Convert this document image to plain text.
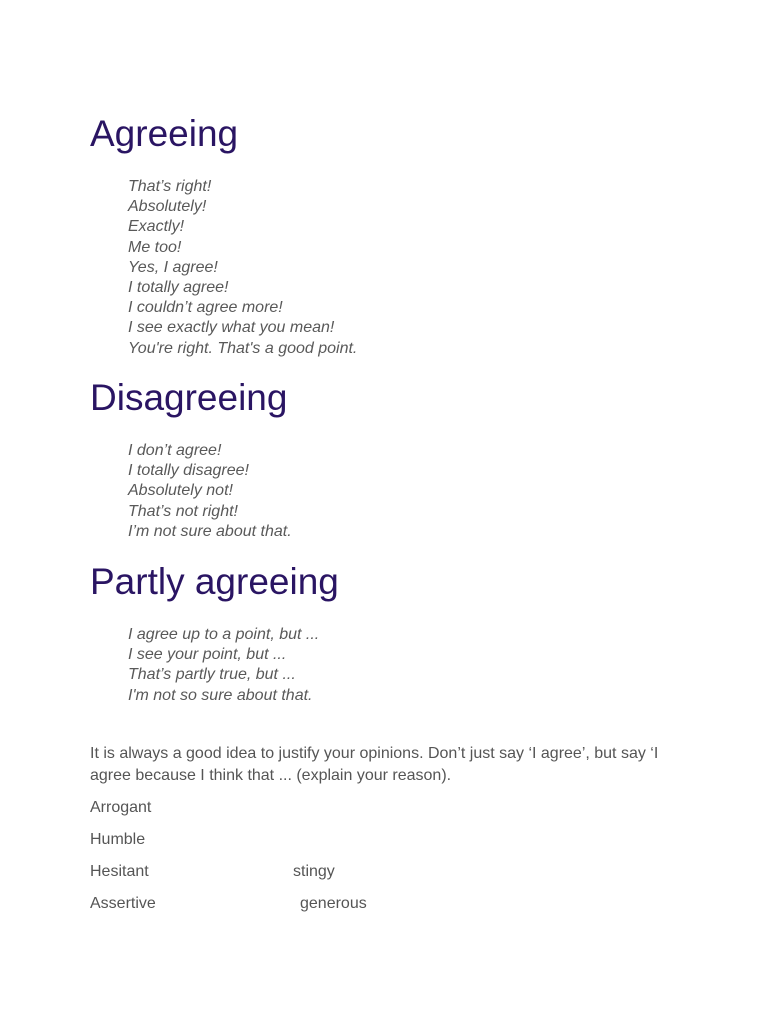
Agreeing
That’s right!
Absolutely!
Exactly!
Me too!
Yes, I agree!
I totally agree!
I couldn’t agree more!
I see exactly what you mean!
You're right. That's a good point.
Disagreeing
I don’t agree!
I totally disagree!
Absolutely not!
That’s not right!
I’m not sure about that.
Partly agreeing
I agree up to a point, but ...
I see your point, but ...
That’s partly true, but ...
I'm not so sure about that.

It is always a good idea to justify your opinions. Don’t just say ‘I agree’, but say ‘I agree because I think that ... (explain your reason).

Arrogant
Humble
Hesitant	stingy
Assertive	generous
